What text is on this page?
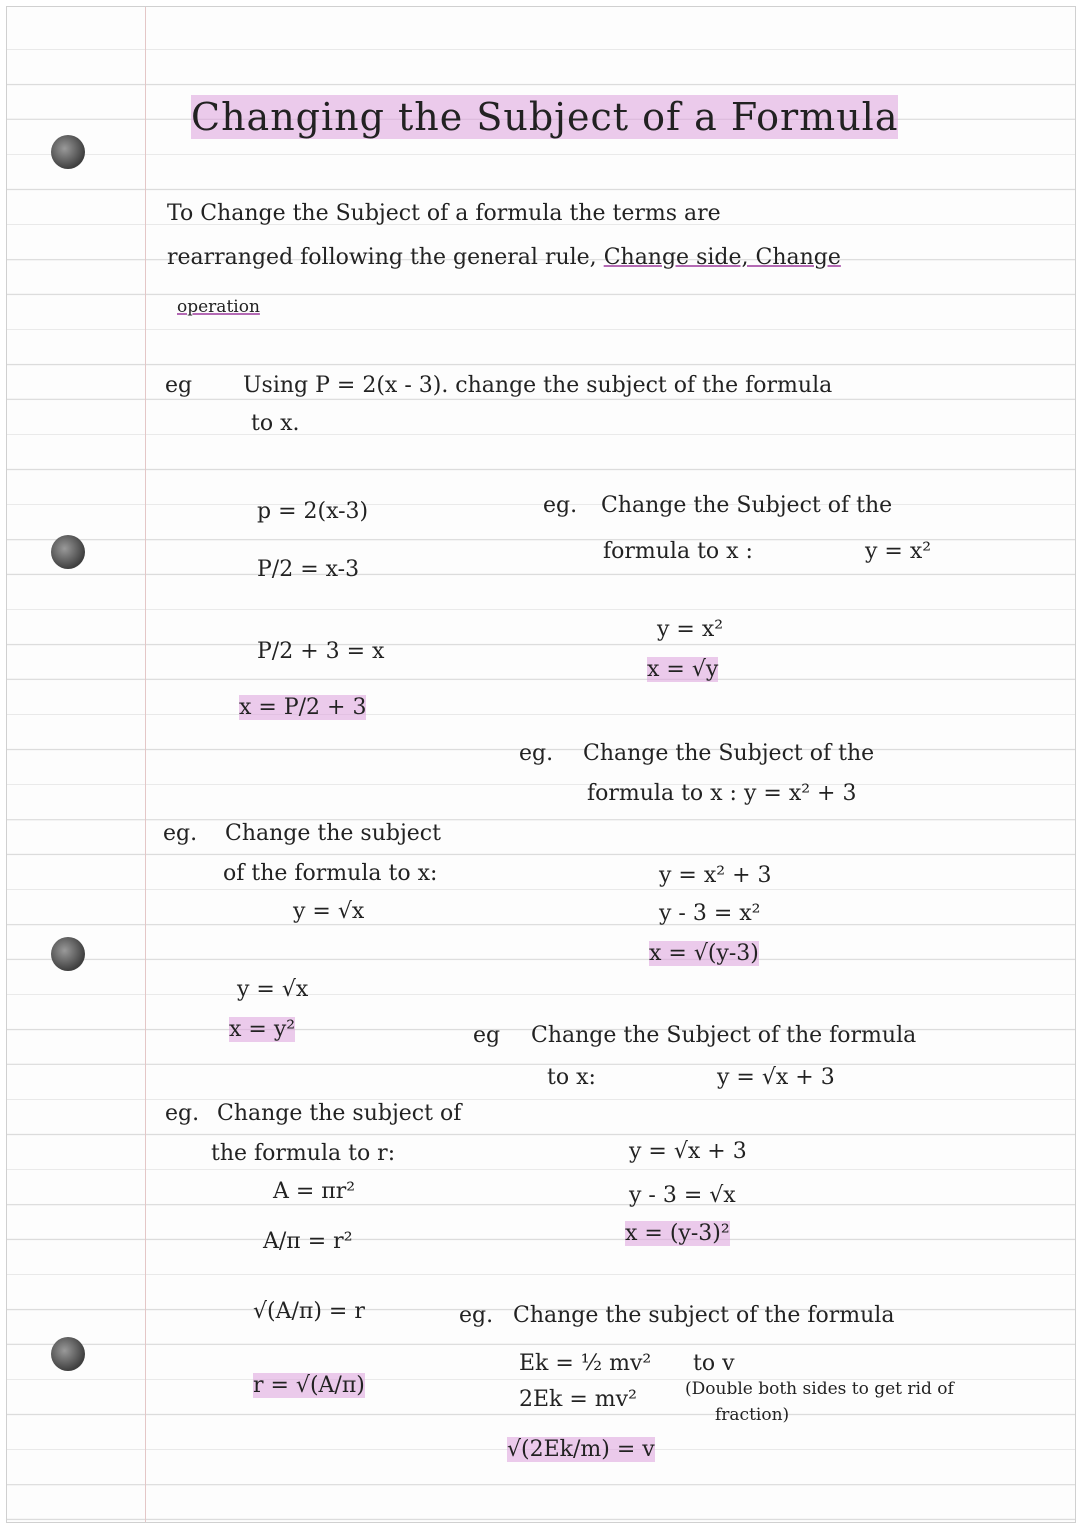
Changing the Subject of a Formula
To Change the Subject of a formula the terms are
rearranged following the general rule, Change side, Change
operation
eg Using P = 2(x - 3). change the subject of the formula
to x.
p = 2(x-3)
P/2 = x-3
P/2 + 3 = x
x = P/2 + 3
eg. Change the Subject of the
formula to x :	y = x²
y = x²
x = √y
eg. Change the Subject of the
formula to x : y = x² + 3
y = x² + 3
y - 3 = x²
x = √(y-3)
eg. Change the subject
of the formula to x:
y = √x
y = √x
x = y²	eg Change the Subject of the formula
to x:	y = √x + 3
y = √x + 3
y - 3 = √x
x = (y-3)²
eg. Change the subject of
the formula to r:
A = πr²
A/π = r²
√(A/π) = r
r = √(A/π)
eg. Change the subject of the formula
Ek = ½ mv² to v
2Ek = mv²	(Double both sides to get rid of
fraction)
√(2Ek/m) = v
